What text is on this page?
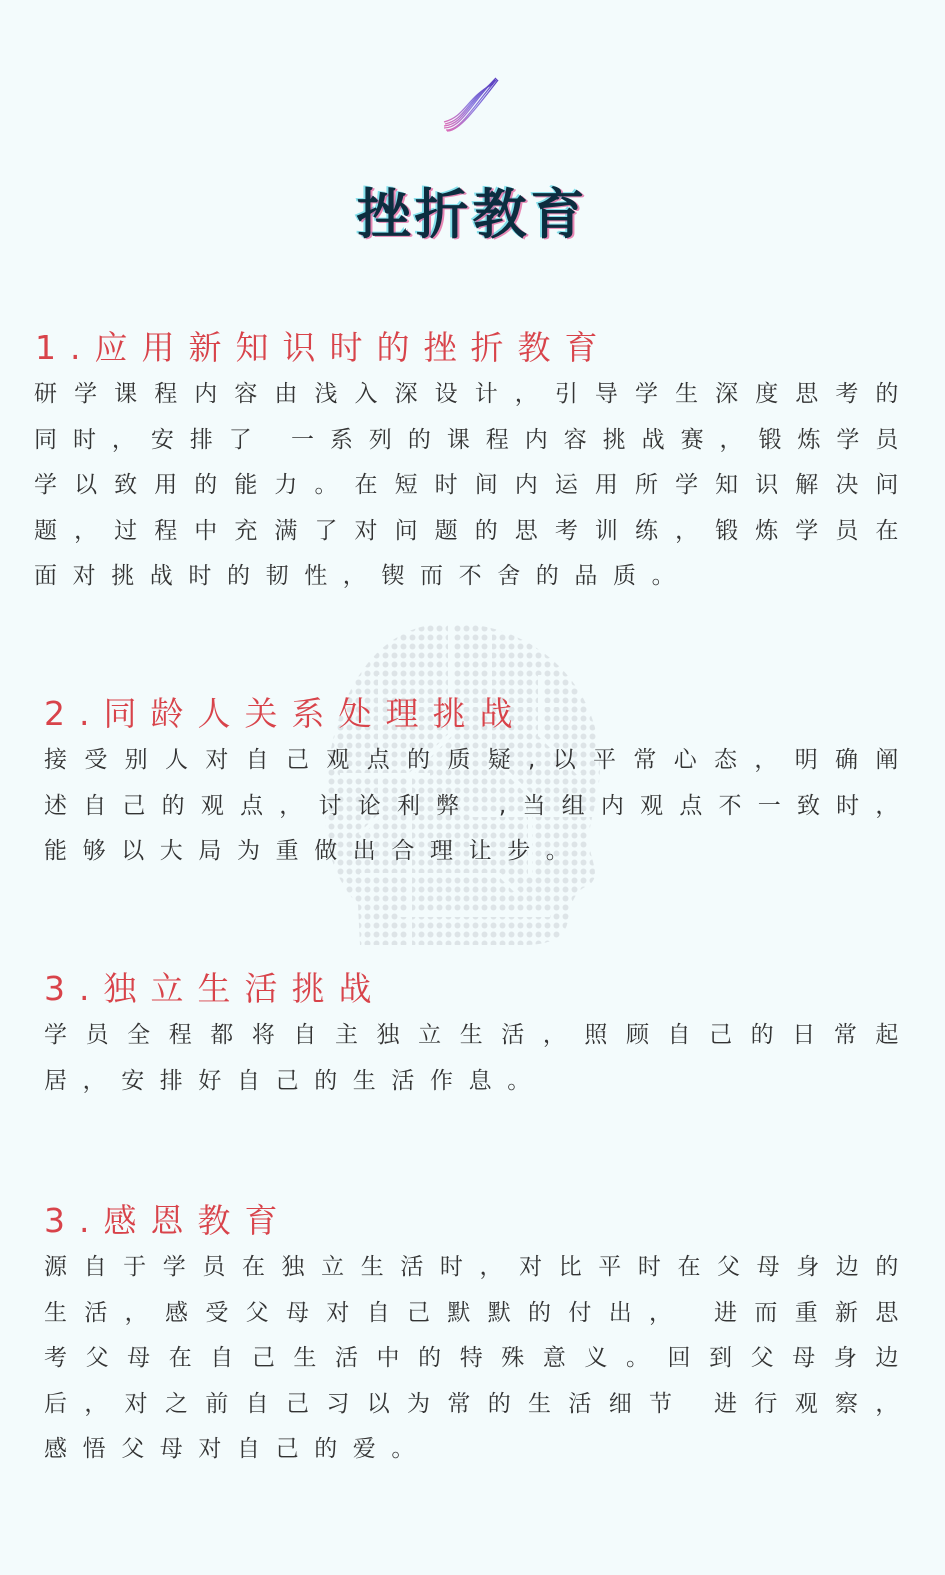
挫折教育
1.应用新知识时的挫折教育
研学课程内容由浅入深设计，引导学生深度思考的同时，安排了 一系列的课程内容挑战赛，锻炼学员学以致用的能力。在短时间内运用所学知识解决问题，过程中充满了对问题的思考训练，锻炼学员在面对挑战时的韧性，锲而不舍的品质。
2.同龄人关系处理挑战
接受别人对自己观点的质疑,以平常心态，明确阐述自己的观点，讨论利弊 ,当组内观点不一致时，能够以大局为重做出合理让步。
3.独立生活挑战
学员全程都将自主独立生活，照顾自己的日常起居，安排好自己的生活作息。
3.感恩教育
源自于学员在独立生活时，对比平时在父母身边的生活，感受父母对自己默默的付出， 进而重新思考父母在自己生活中的特殊意义。回到父母身边后，对之前自己习以为常的生活细节 进行观察，感悟父母对自己的爱。
